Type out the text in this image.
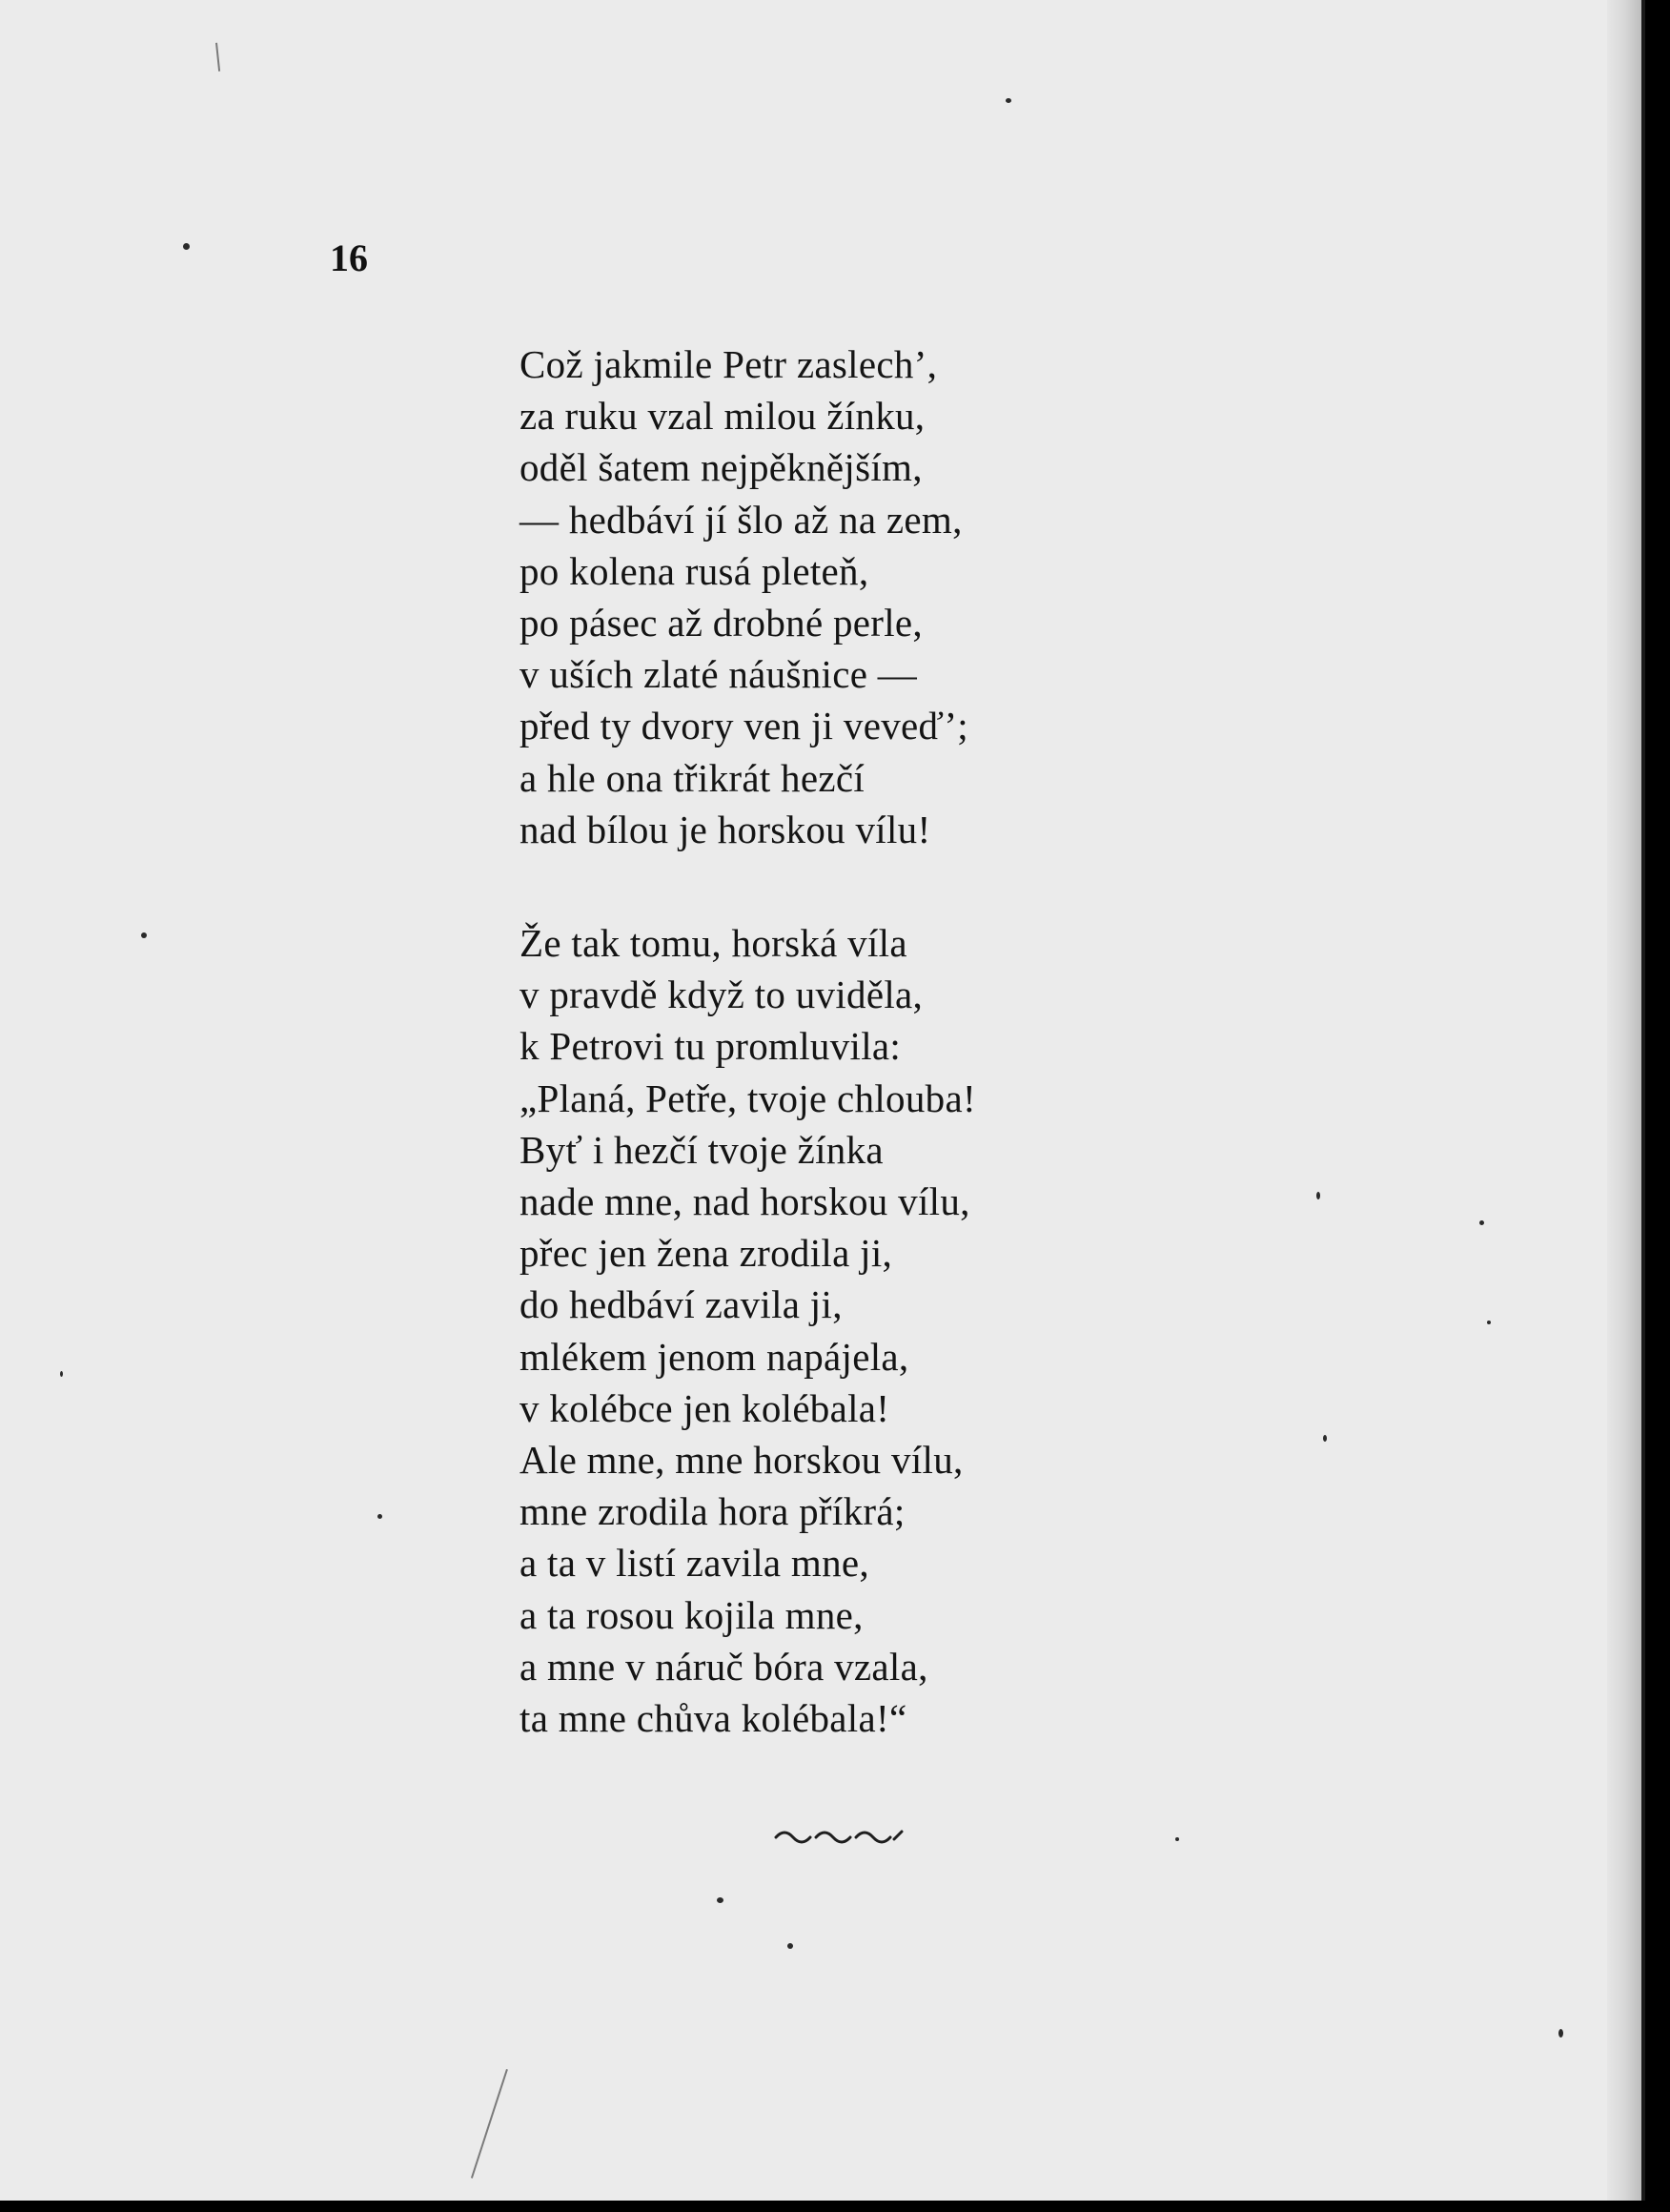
16
Což jakmile Petr zaslech’,
za ruku vzal milou žínku,
oděl šatem nejpěknějším,
— hedbáví jí šlo až na zem,
po kolena rusá pleteň,
po pásec až drobné perle,
v uších zlaté náušnice —
před ty dvory ven ji veveď’;
a hle ona třikrát hezčí
nad bílou je horskou vílu!
Že tak tomu, horská víla
v pravdě když to uviděla,
k Petrovi tu promluvila:
„Planá, Petře, tvoje chlouba!
Byť i hezčí tvoje žínka
nade mne, nad horskou vílu,
přec jen žena zrodila ji,
do hedbáví zavila ji,
mlékem jenom napájela,
v kolébce jen kolébala!
Ale mne, mne horskou vílu,
mne zrodila hora příkrá;
a ta v listí zavila mne,
a ta rosou kojila mne,
a mne v náruč bóra vzala,
ta mne chůva kolébala!“
